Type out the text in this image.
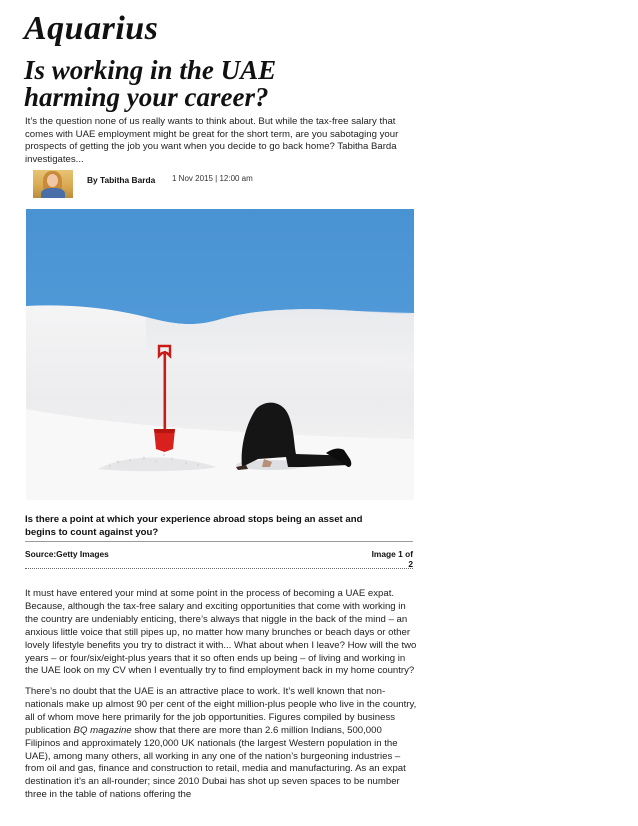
Aquarius
Is working in the UAE
harming your career?

It’s the question none of us really wants to think about. But while the tax-free salary that comes with UAE employment might be great for the short term, are you sabotaging your prospects of getting the job you want when you decide to go back home? Tabitha Barda investigates...

By Tabitha Barda 1 Nov 2015 | 12:00 am

Is there a point at which your experience abroad stops being an asset and begins to count against you?

Source:Getty Images	Image 1 of 2

It must have entered your mind at some point in the process of becoming a UAE expat. Because, although the tax-free salary and exciting opportunities that come with working in the country are undeniably enticing, there’s always that niggle in the back of the mind – an anxious little voice that still pipes up, no matter how many brunches or beach days or other lovely lifestyle benefits you try to distract it with... What about when I leave? How will the two years – or four/six/eight-plus years that it so often ends up being – of living and working in the UAE look on my CV when I eventually try to find employment back in my home country?

There’s no doubt that the UAE is an attractive place to work. It’s well known that non-nationals make up almost 90 per cent of the eight million-plus people who live in the country, all of whom move here primarily for the job opportunities. Figures compiled by business publication BQ magazine show that there are more than 2.6 million Indians, 500,000 Filipinos and approximately 120,000 UK nationals (the largest Western population in the UAE), among many others, all working in any one of the nation’s burgeoning industries – from oil and gas, finance and construction to retail, media and manufacturing. As an expat destination it’s an all-rounder; since 2010 Dubai has shot up seven spaces to be number three in the table of nations offering the
